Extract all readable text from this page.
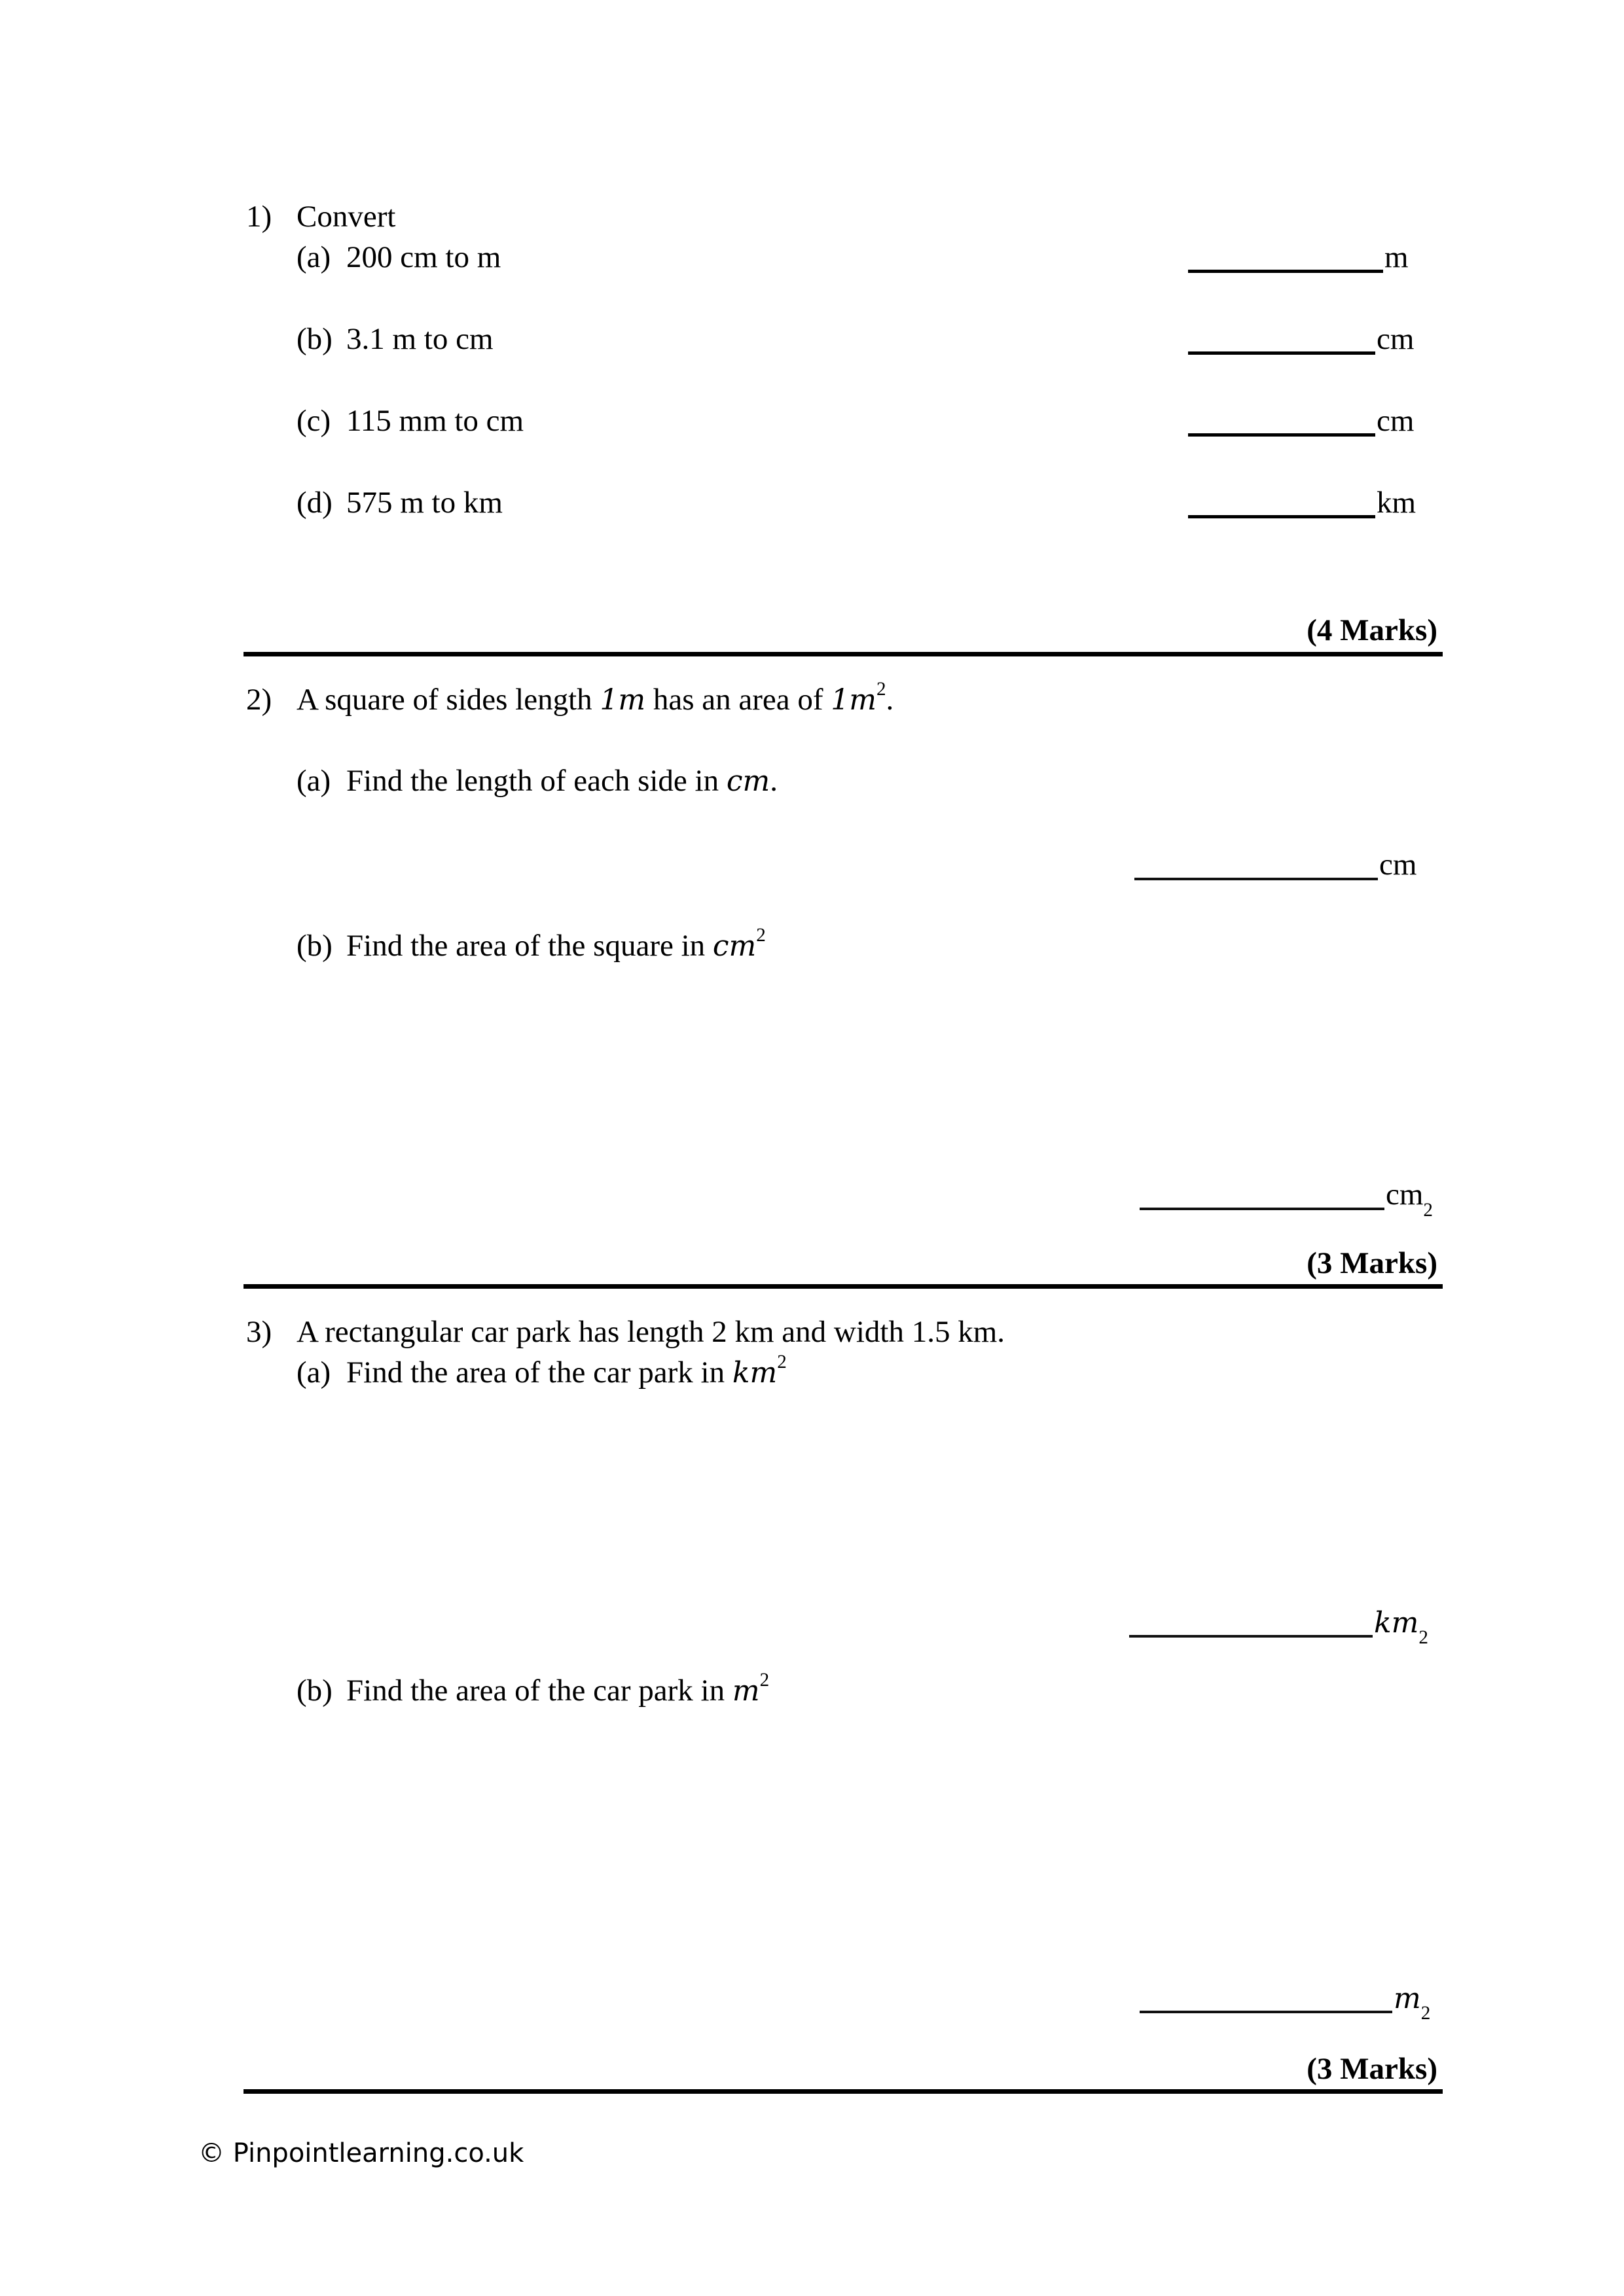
1) Convert
(a) 200 cm to m	m
(b) 3.1 m to cm	cm
(c) 115 mm to cm	cm
(d) 575 m to km	km
(4 Marks)
2) A square of sides length 1m has an area of $1m^2$.
(a) Find the length of each side in cm.
cm
(b) Find the area of the square in $cm^2$
cm 2
(3 Marks)
3) A rectangular car park has length 2 km and width 1.5 km.
(a) Find the area of the car park in $km^2$
km 2
(b) Find the area of the car park in $m^2$
m 2
(3 Marks)
© Pinpointlearning.co.uk
